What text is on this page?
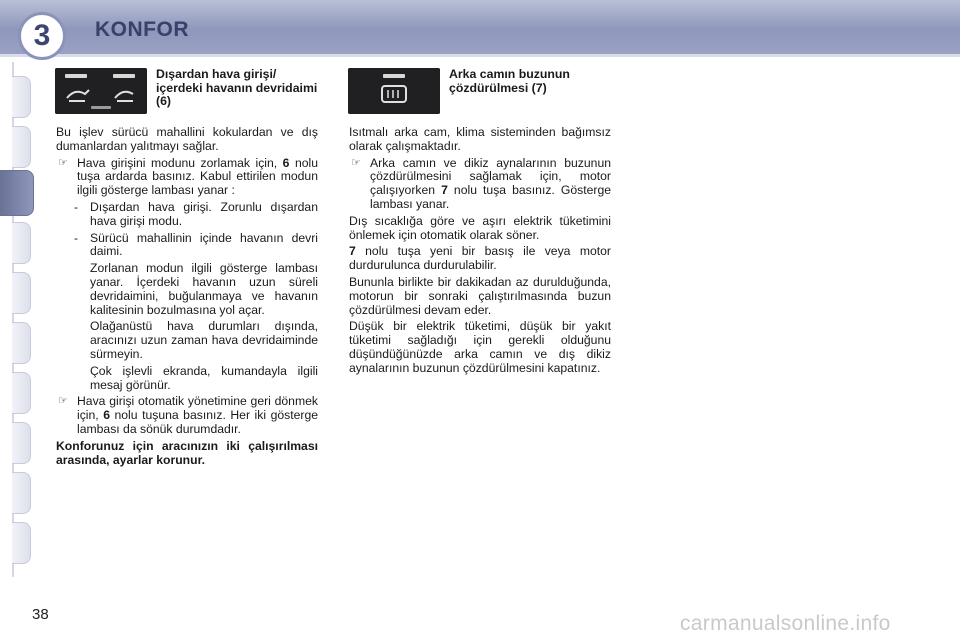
3	KONFOR
Dışardan hava girişi/ içerdeki havanın devridaimi (6)
Arka camın buzunun çözdürülmesi (7)

Bu işlev sürücü mahallini kokulardan ve dış dumanlardan yalıtmayı sağlar.

☞ Hava girişini modunu zorlamak için, 6 nolu tuşa ardarda basınız. Kabul ettirilen modun ilgili gösterge lambası yanar :
- Dışardan hava girişi. Zorunlu dışardan hava girişi modu.
- Sürücü mahallinin içinde havanın devri daimi.

Zorlanan modun ilgili gösterge lambası yanar. İçerdeki havanın uzun süreli devridaimini, buğulanmaya ve havanın kalitesinin bozulmasına yol açar.

Olağanüstü hava durumları dışında, aracınızı uzun zaman hava devridaiminde sürmeyin.

Çok işlevli ekranda, kumandayla ilgili mesaj görünür.

☞ Hava girişi otomatik yönetimine geri dönmek için, 6 nolu tuşuna basınız. Her iki gösterge lambası da sönük durumdadır.

Konforunuz için aracınızın iki çalışırılması arasında, ayarlar korunur.

Isıtmalı arka cam, klima sisteminden bağımsız olarak çalışmaktadır.

☞ Arka camın ve dikiz aynalarının buzunun çözdürülmesini sağlamak için, motor çalışıyorken 7 nolu tuşa basınız. Gösterge lambası yanar.

Dış sıcaklığa göre ve aşırı elektrik tüketimini önlemek için otomatik olarak söner.

7 nolu tuşa yeni bir basış ile veya motor durdurulunca durdurulabilir.

Bununla birlikte bir dakikadan az durulduğunda, motorun bir sonraki çalıştırılmasında buzun çözdürülmesi devam eder.

Düşük bir elektrik tüketimi, düşük bir yakıt tüketimi sağladığı için gerekli olduğunu düşündüğünüzde arka camın ve dış dikiz aynalarının buzunun çözdürülmesini kapatınız.

38	carmanualsonline.info
